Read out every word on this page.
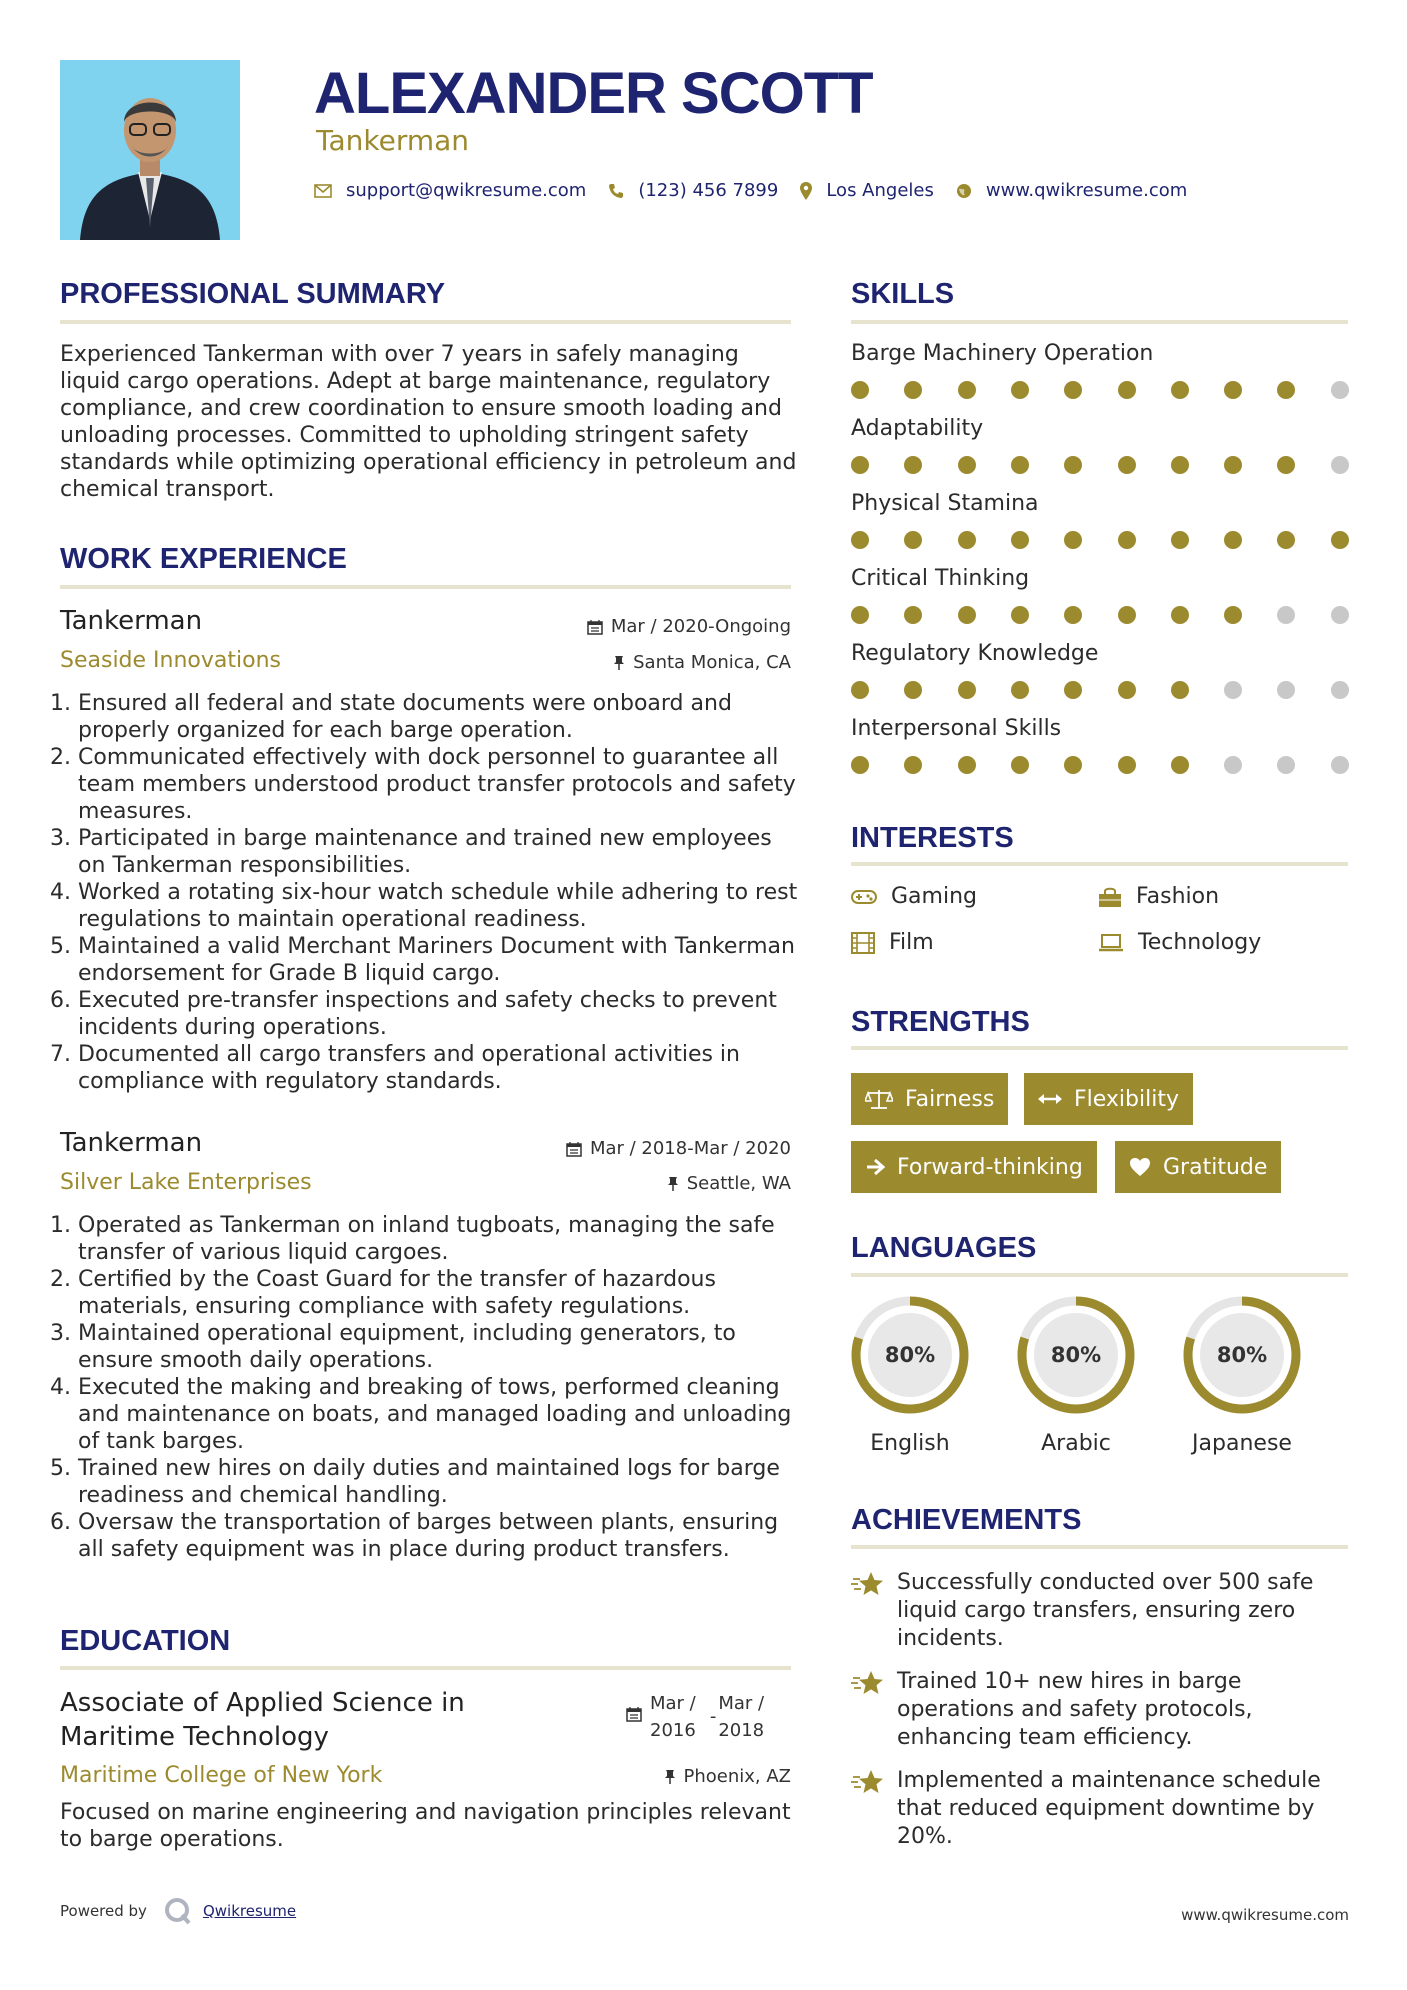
ALEXANDER SCOTT
Tankerman
support@qwikresume.com	(123) 456 7899	Los Angeles	www.qwikresume.com
PROFESSIONAL SUMMARY
Experienced Tankerman with over 7 years in safely managing liquid cargo operations. Adept at barge maintenance, regulatory compliance, and crew coordination to ensure smooth loading and unloading processes. Committed to upholding stringent safety standards while optimizing operational efficiency in petroleum and chemical transport.
WORK EXPERIENCE
Tankerman	Mar / 2020-Ongoing
Seaside Innovations	Santa Monica, CA
1. Ensured all federal and state documents were onboard and properly organized for each barge operation.
2. Communicated effectively with dock personnel to guarantee all team members understood product transfer protocols and safety measures.
3. Participated in barge maintenance and trained new employees on Tankerman responsibilities.
4. Worked a rotating six-hour watch schedule while adhering to rest regulations to maintain operational readiness.
5. Maintained a valid Merchant Mariners Document with Tankerman endorsement for Grade B liquid cargo.
6. Executed pre-transfer inspections and safety checks to prevent incidents during operations.
7. Documented all cargo transfers and operational activities in compliance with regulatory standards.
Tankerman	Mar / 2018-Mar / 2020
Silver Lake Enterprises	Seattle, WA
1. Operated as Tankerman on inland tugboats, managing the safe transfer of various liquid cargoes.
2. Certified by the Coast Guard for the transfer of hazardous materials, ensuring compliance with safety regulations.
3. Maintained operational equipment, including generators, to ensure smooth daily operations.
4. Executed the making and breaking of tows, performed cleaning and maintenance on boats, and managed loading and unloading of tank barges.
5. Trained new hires on daily duties and maintained logs for barge readiness and chemical handling.
6. Oversaw the transportation of barges between plants, ensuring all safety equipment was in place during product transfers.
EDUCATION
Associate of Applied Science in Maritime Technology
Mar /
2016
-
Mar /
2018
Maritime College of New York	Phoenix, AZ
Focused on marine engineering and navigation principles relevant to barge operations.
SKILLS
Barge Machinery Operation
Adaptability
Physical Stamina
Critical Thinking
Regulatory Knowledge
Interpersonal Skills
INTERESTS
Gaming	Fashion
Film	Technology
STRENGTHS
Fairness	Flexibility
Forward-thinking	Gratitude
LANGUAGES
80%	80%	80%
English	Arabic	Japanese
ACHIEVEMENTS
Successfully conducted over 500 safe liquid cargo transfers, ensuring zero incidents.
Trained 10+ new hires in barge operations and safety protocols, enhancing team efficiency.
Implemented a maintenance schedule that reduced equipment downtime by 20%.
Powered by	Qwikresume	www.qwikresume.com
